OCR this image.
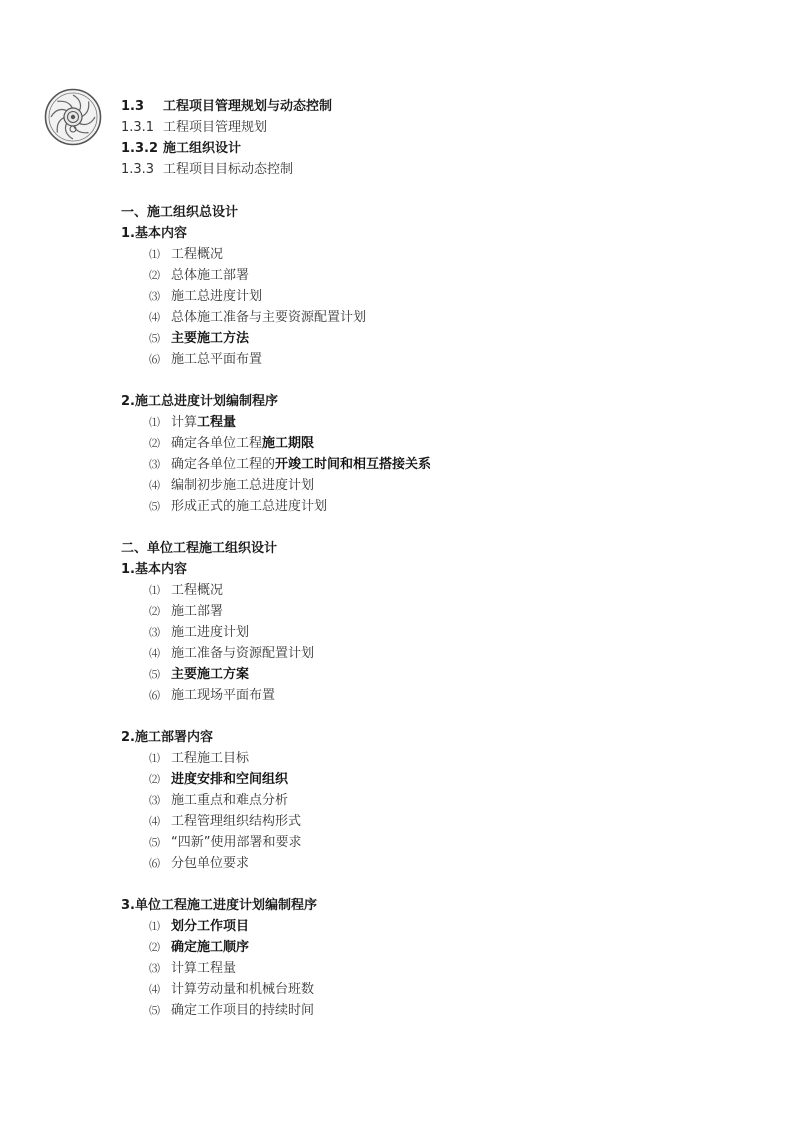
1.3 工程项目管理规划与动态控制
1.3.1 工程项目管理规划
1.3.2 施工组织设计
1.3.3 工程项目目标动态控制
一、施工组织总设计
1.基本内容
⑴ 工程概况
⑵ 总体施工部署
⑶ 施工总进度计划
⑷ 总体施工准备与主要资源配置计划
⑸ 主要施工方法
⑹ 施工总平面布置
2.施工总进度计划编制程序
⑴ 计算工程量
⑵ 确定各单位工程施工期限
⑶ 确定各单位工程的开竣工时间和相互搭接关系
⑷ 编制初步施工总进度计划
⑸ 形成正式的施工总进度计划
二、单位工程施工组织设计
1.基本内容
⑴ 工程概况
⑵ 施工部署
⑶ 施工进度计划
⑷ 施工准备与资源配置计划
⑸ 主要施工方案
⑹ 施工现场平面布置
2.施工部署内容
⑴ 工程施工目标
⑵ 进度安排和空间组织
⑶ 施工重点和难点分析
⑷ 工程管理组织结构形式
⑸ “四新”使用部署和要求
⑹ 分包单位要求
3.单位工程施工进度计划编制程序
⑴ 划分工作项目
⑵ 确定施工顺序
⑶ 计算工程量
⑷ 计算劳动量和机械台班数
⑸ 确定工作项目的持续时间
